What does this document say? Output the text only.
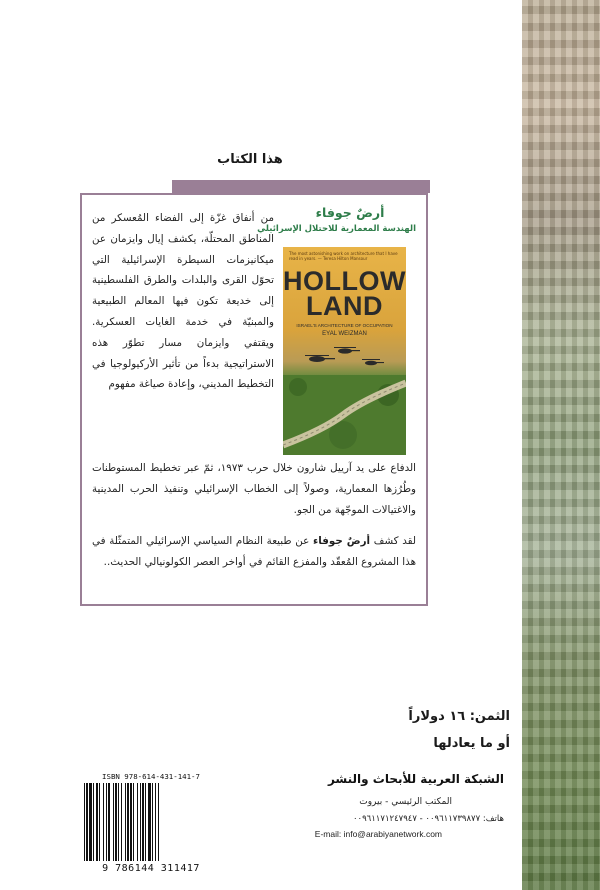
هذا الكتاب
أرضٌ جوفاء
الهندسة المعمارية للاحتلال الإسرائيلي
The most astonishing work on architecture that I have read in years. — Teresa Hilton Mansour
HOLLOW LAND
ISRAEL'S ARCHITECTURE OF OCCUPATION
EYAL WEIZMAN
من أنفاق غزّة إلى الفضاء المُعسكر من المناطق المحتلّة، يكشف إيال وايزمان عن ميكانيزمات السيطرة الإسرائيلية التي تحوّل القرى والبلدات والطرق الفلسطينية إلى خديعة تكون فيها المعالم الطبيعية والمبنيّة في خدمة الغايات العسكرية. ويقتفي وايزمان مسار تطوّر هذه الاستراتيجية بدءاً من تأثير الأركيولوجيا في التخطيط المديني، وإعادة صياغة مفهوم
الدفاع على يد آرييل شارون خلال حرب ١٩٧٣، ثمّ عبر تخطيط المستوطنات وطُرُزها المعمارية، وصولاً إلى الخطاب الإسرائيلي وتنفيذ الحرب المدينية والاغتيالات الموجّهة من الجو.
لقد كشف أرضٌ جوفاء عن طبيعة النظام السياسي الإسرائيلي المتمثّلة في هذا المشروع المُعقّد والمفزع القائم في أواخر العصر الكولونيالي الحديث..
الثمن: ١٦ دولاراً
أو ما يعادلها
ISBN 978-614-431-141-7
9 786144 311417
الشبكة العربية للأبحاث والنشر
المكتب الرئيسي - بيروت
هاتف: ٠٠٩٦١١٧٣٩٨٧٧ - ٠٠٩٦١١٧١٢٤٧٩٤٧
E-mail: info@arabiyanetwork.com
